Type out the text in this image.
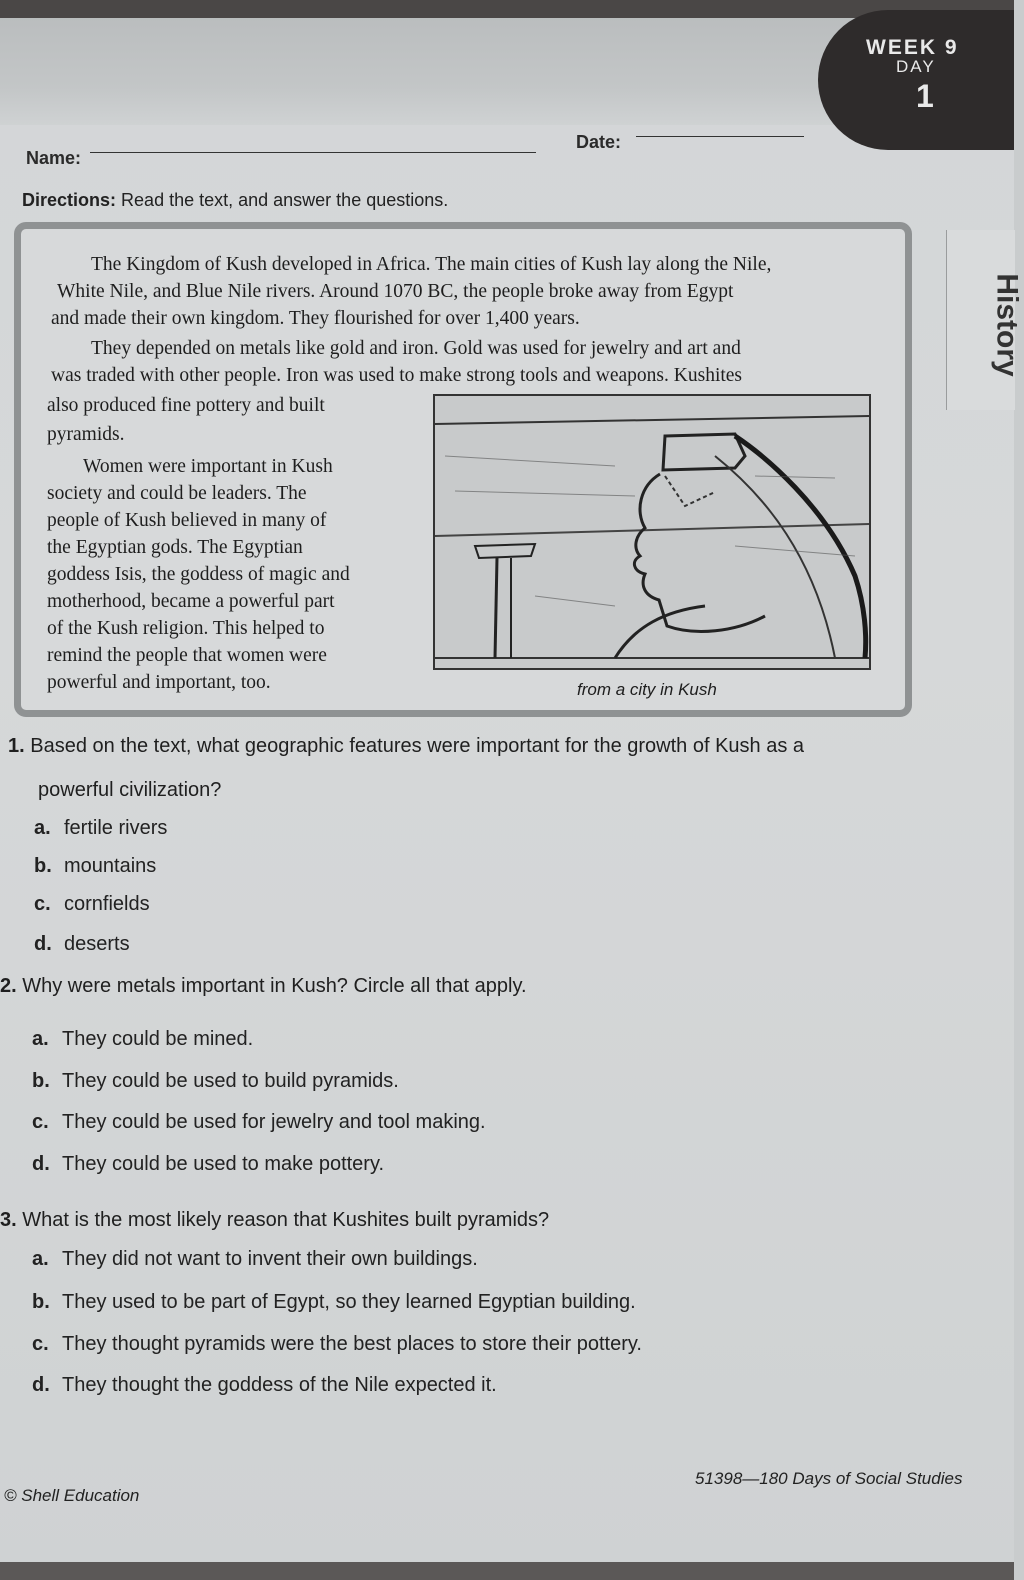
WEEK 9
DAY
1
History
Name:
Date:
Directions: Read the text, and answer the questions.

The Kingdom of Kush developed in Africa. The main cities of Kush lay along the Nile,

White Nile, and Blue Nile rivers. Around 1070 BC, the people broke away from Egypt

and made their own kingdom. They flourished for over 1,400 years.

They depended on metals like gold and iron. Gold was used for jewelry and art and

was traded with other people. Iron was used to make strong tools and weapons. Kushites

also produced fine pottery and built

pyramids.

Women were important in Kush

society and could be leaders. The

people of Kush believed in many of

the Egyptian gods. The Egyptian

goddess Isis, the goddess of magic and

motherhood, became a powerful part

of the Kush religion. This helped to

remind the people that women were

powerful and important, too.	from a city in Kush
1. Based on the text, what geographic features were important for the growth of Kush as a
powerful civilization?
a. fertile rivers
b. mountains
c. cornfields
d. deserts
2. Why were metals important in Kush? Circle all that apply.
a. They could be mined.
b. They could be used to build pyramids.
c. They could be used for jewelry and tool making.
d. They could be used to make pottery.
3. What is the most likely reason that Kushites built pyramids?
a. They did not want to invent their own buildings.
b. They used to be part of Egypt, so they learned Egyptian building.
c. They thought pyramids were the best places to store their pottery.
d. They thought the goddess of the Nile expected it.
© Shell Education
51398—180 Days of Social Studies
